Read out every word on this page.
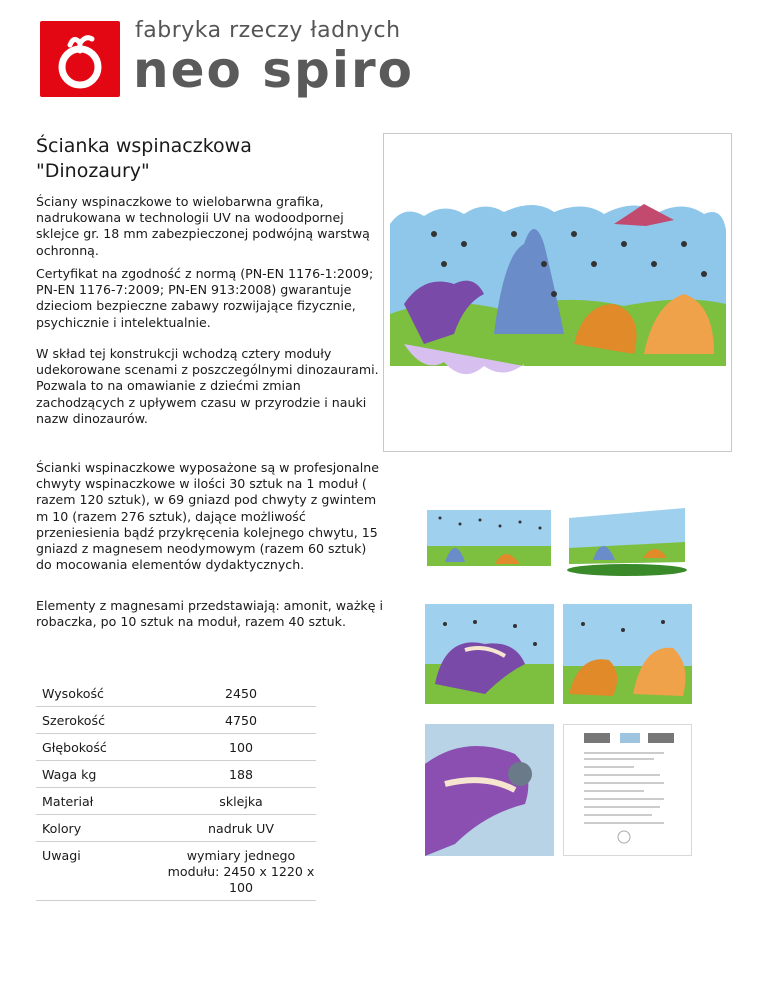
fabryka rzeczy ładnych
neo spiro
Ścianka wspinaczkowa "Dinozaury"

Ściany wspinaczkowe to wielobarwna grafika, nadrukowana w technologii UV na wodoodpornej sklejce gr. 18 mm zabezpieczonej podwójną warstwą ochronną.

Certyfikat na zgodność z normą (PN-EN 1176-1:2009; PN-EN 1176-7:2009; PN-EN 913:2008) gwarantuje dzieciom bezpieczne zabawy rozwijające fizycznie, psychicznie i intelektualnie.

W skład tej konstrukcji wchodzą cztery moduły udekorowane scenami z poszczególnymi dinozaurami. Pozwala to na omawianie z dziećmi zmian zachodzących z upływem czasu w przyrodzie i nauki nazw dinozaurów.

Ścianki wspinaczkowe wyposażone są w profesjonalne chwyty wspinaczkowe w ilości 30 sztuk na 1 moduł ( razem 120 sztuk), w 69 gniazd pod chwyty z gwintem m 10 (razem 276 sztuk), dające możliwość przeniesienia bądź przykręcenia kolejnego chwytu, 15 gniazd z magnesem neodymowym (razem 60 sztuk) do mocowania elementów dydaktycznych.

Elementy z magnesami przedstawiają: amonit, ważkę i robaczka, po 10 sztuk na moduł, razem 40 sztuk.

Wysokość	2450
Szerokość	4750
Głębokość	100
Waga kg	188
Materiał	sklejka
Kolory	nadruk UV
Uwagi	wymiary jednego modułu: 2450 x 1220 x 100
